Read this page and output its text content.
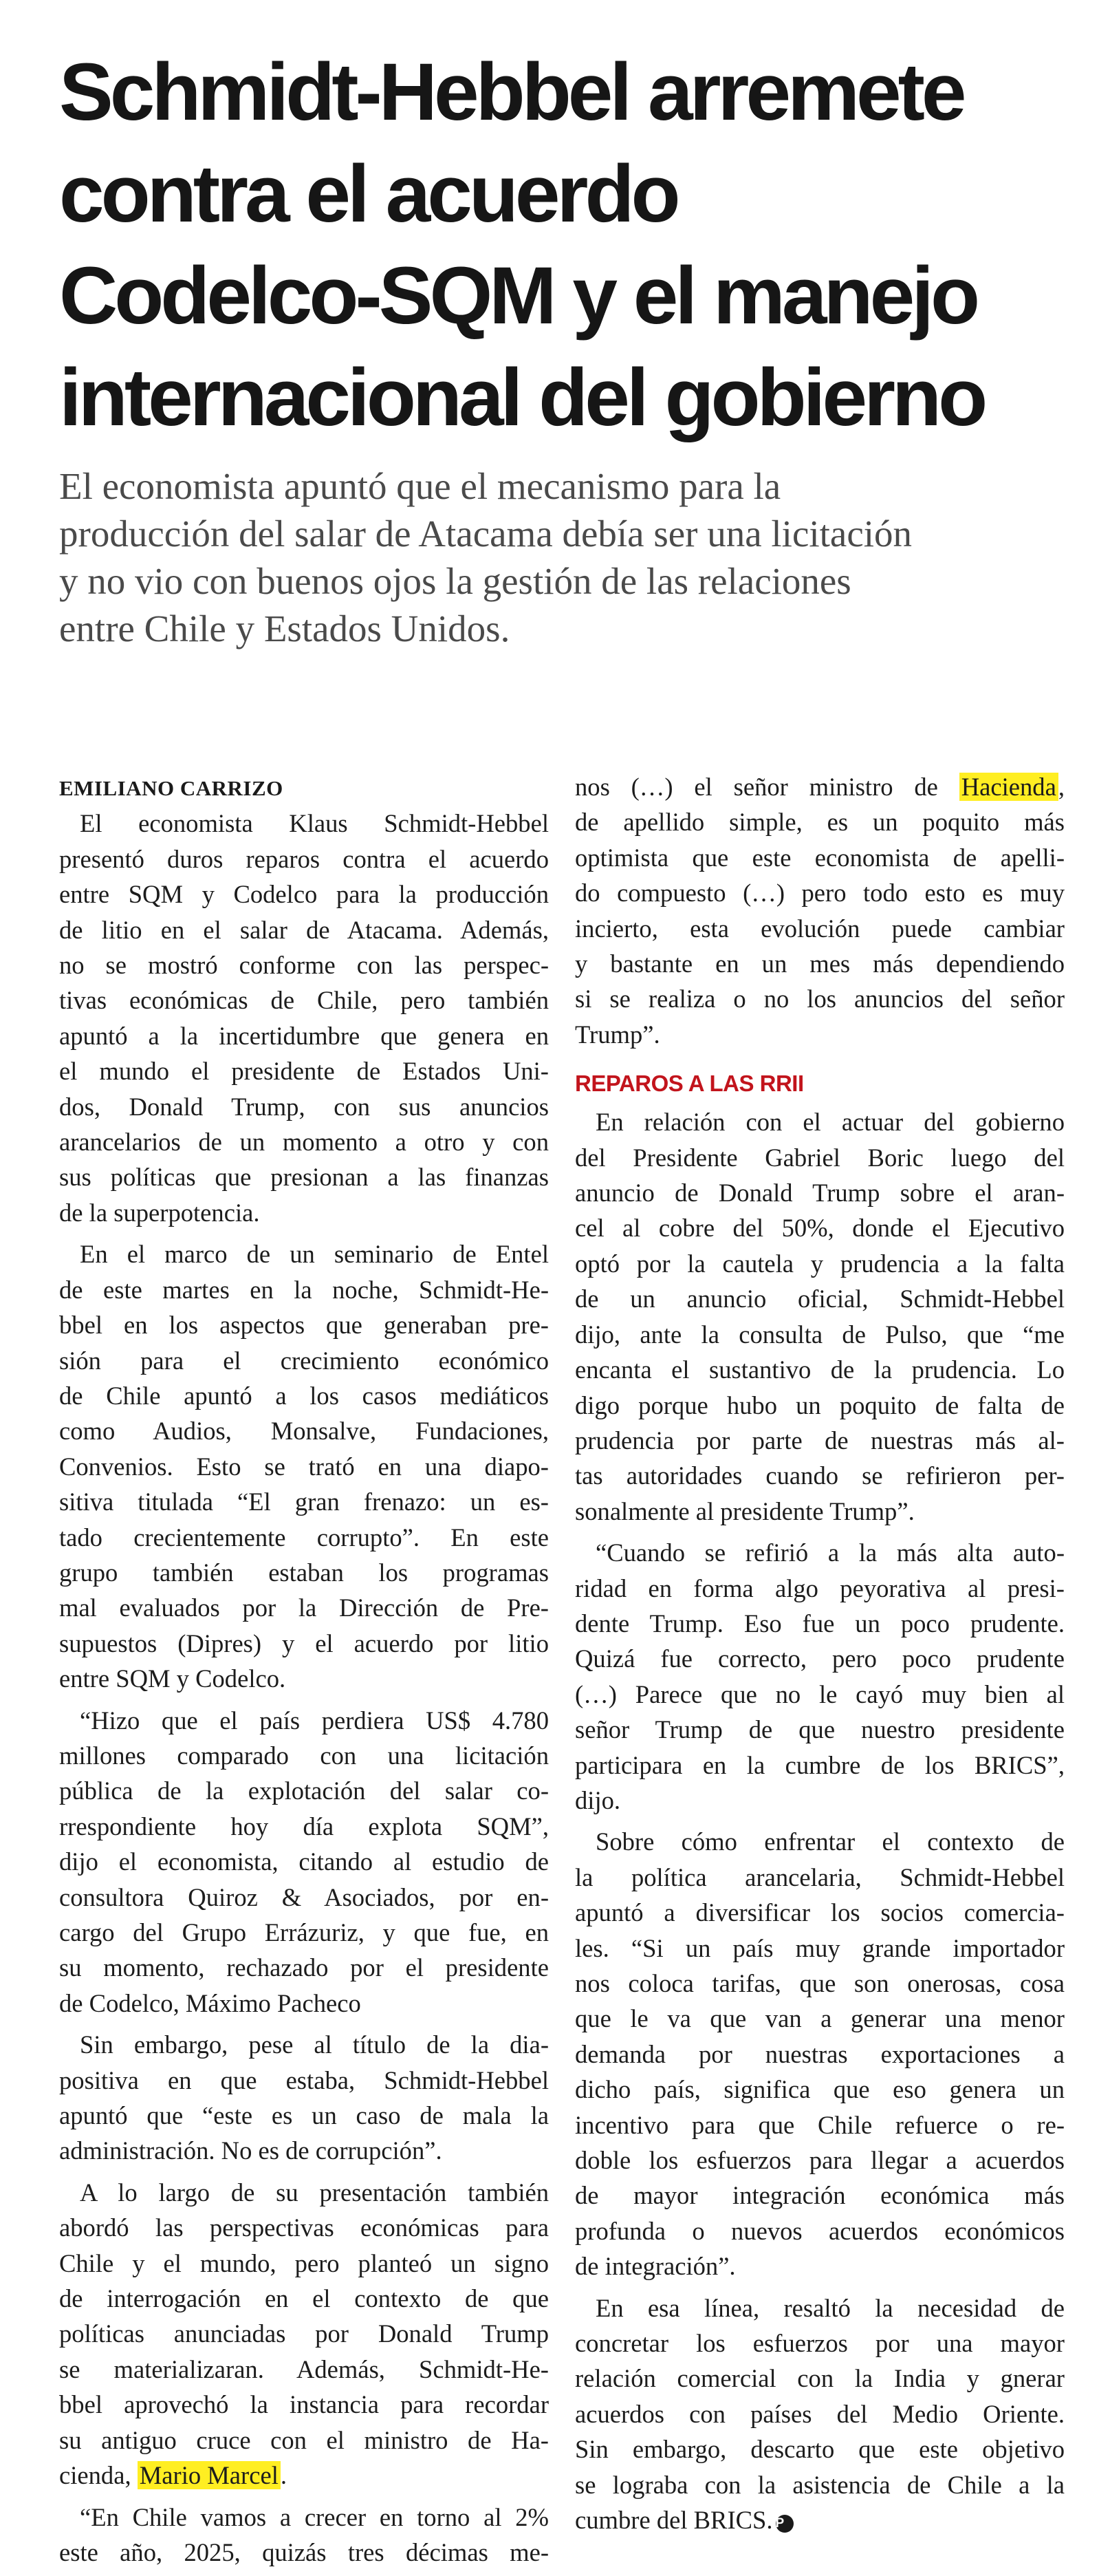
Schmidt-Hebbel arremete
contra el acuerdo
Codelco-SQM y el manejo
internacional del gobierno

El economista apuntó que el mecanismo para la
producción del salar de Atacama debía ser una licitación
y no vio con buenos ojos la gestión de las relaciones
entre Chile y Estados Unidos.

EMILIANO CARRIZO
El economista Klaus Schmidt-Hebbel
presentó duros reparos contra el acuerdo
entre SQM y Codelco para la producción
de litio en el salar de Atacama. Además,
no se mostró conforme con las perspec-
tivas económicas de Chile, pero también
apuntó a la incertidumbre que genera en
el mundo el presidente de Estados Uni-
dos, Donald Trump, con sus anuncios
arancelarios de un momento a otro y con
sus políticas que presionan a las finanzas
de la superpotencia.
En el marco de un seminario de Entel
de este martes en la noche, Schmidt-He-
bbel en los aspectos que generaban pre-
sión para el crecimiento económico
de Chile apuntó a los casos mediáticos
como Audios, Monsalve, Fundaciones,
Convenios. Esto se trató en una diapo-
sitiva titulada “El gran frenazo: un es-
tado crecientemente corrupto”. En este
grupo también estaban los programas
mal evaluados por la Dirección de Pre-
supuestos (Dipres) y el acuerdo por litio
entre SQM y Codelco.
“Hizo que el país perdiera US$ 4.780
millones comparado con una licitación
pública de la explotación del salar co-
rrespondiente hoy día explota SQM”,
dijo el economista, citando al estudio de
consultora Quiroz & Asociados, por en-
cargo del Grupo Errázuriz, y que fue, en
su momento, rechazado por el presidente
de Codelco, Máximo Pacheco
Sin embargo, pese al título de la dia-
positiva en que estaba, Schmidt-Hebbel
apuntó que “este es un caso de mala la
administración. No es de corrupción”.
A lo largo de su presentación también
abordó las perspectivas económicas para
Chile y el mundo, pero planteó un signo
de interrogación en el contexto de que
políticas anunciadas por Donald Trump
se materializaran. Además, Schmidt-He-
bbel aprovechó la instancia para recordar
su antiguo cruce con el ministro de Ha-
cienda, Mario Marcel.
“En Chile vamos a crecer en torno al 2%
este año, 2025, quizás tres décimas me-
nos (…) el señor ministro de Hacienda,
de apellido simple, es un poquito más
optimista que este economista de apelli-
do compuesto (…) pero todo esto es muy
incierto, esta evolución puede cambiar
y bastante en un mes más dependiendo
si se realiza o no los anuncios del señor
Trump”.
REPAROS A LAS RRII
En relación con el actuar del gobierno
del Presidente Gabriel Boric luego del
anuncio de Donald Trump sobre el aran-
cel al cobre del 50%, donde el Ejecutivo
optó por la cautela y prudencia a la falta
de un anuncio oficial, Schmidt-Hebbel
dijo, ante la consulta de Pulso, que “me
encanta el sustantivo de la prudencia. Lo
digo porque hubo un poquito de falta de
prudencia por parte de nuestras más al-
tas autoridades cuando se refirieron per-
sonalmente al presidente Trump”.
“Cuando se refirió a la más alta auto-
ridad en forma algo peyorativa al presi-
dente Trump. Eso fue un poco prudente.
Quizá fue correcto, pero poco prudente
(…) Parece que no le cayó muy bien al
señor Trump de que nuestro presidente
participara en la cumbre de los BRICS”,
dijo.
Sobre cómo enfrentar el contexto de
la política arancelaria, Schmidt-Hebbel
apuntó a diversificar los socios comercia-
les. “Si un país muy grande importador
nos coloca tarifas, que son onerosas, cosa
que le va que van a generar una menor
demanda por nuestras exportaciones a
dicho país, significa que eso genera un
incentivo para que Chile refuerce o re-
doble los esfuerzos para llegar a acuerdos
de mayor integración económica más
profunda o nuevos acuerdos económicos
de integración”.
En esa línea, resaltó la necesidad de
concretar los esfuerzos por una mayor
relación comercial con la India y gnerar
acuerdos con países del Medio Oriente.
Sin embargo, descarto que este objetivo
se lograba con la asistencia de Chile a la
cumbre del BRICS. P
